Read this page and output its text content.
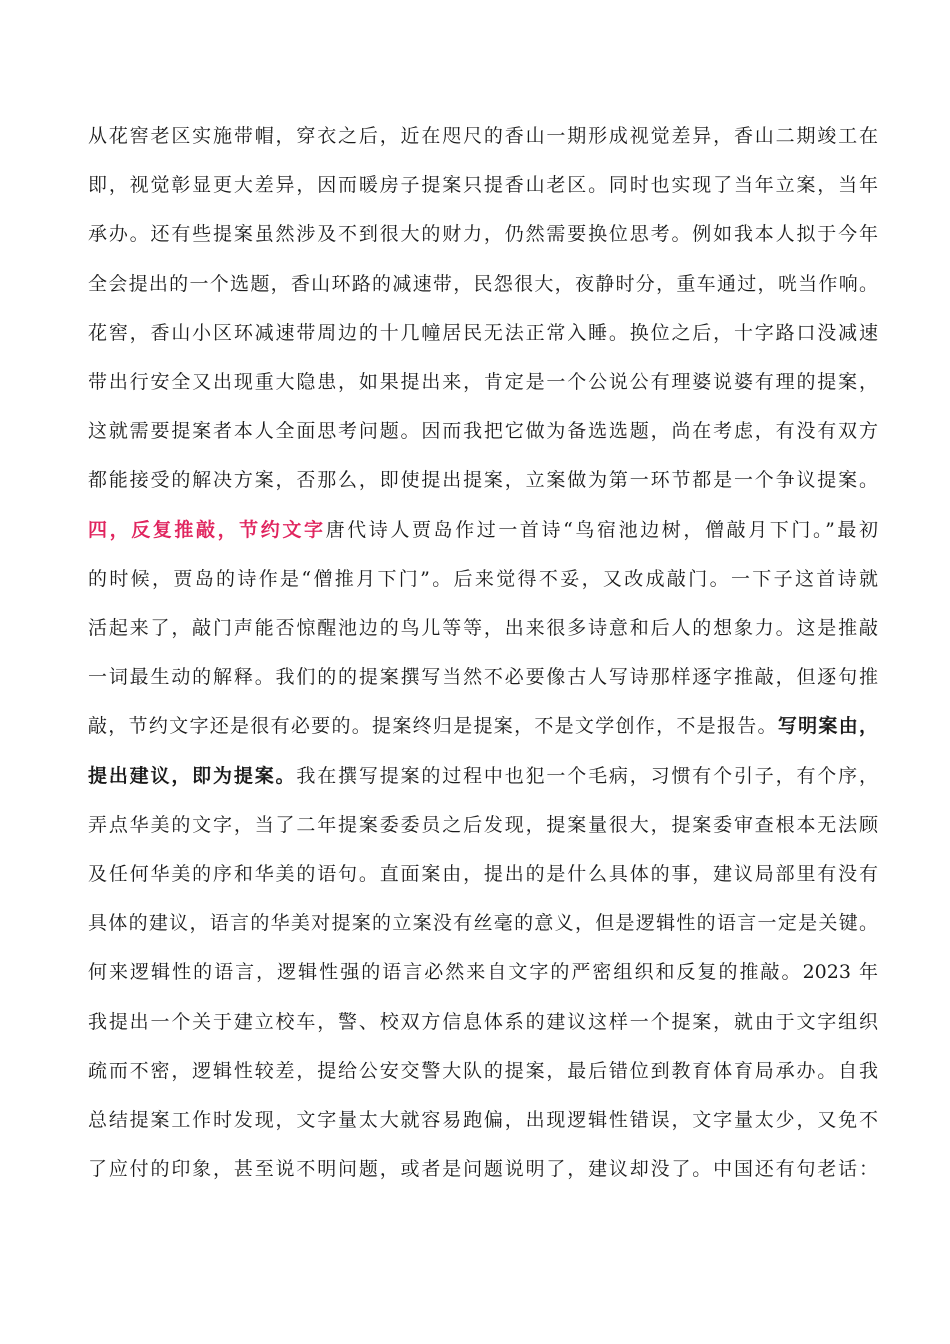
从花窖老区实施带帽，穿衣之后，近在咫尺的香山一期形成视觉差异，香山二期竣工在
即，视觉彰显更大差异，因而暖房子提案只提香山老区。同时也实现了当年立案，当年
承办。还有些提案虽然涉及不到很大的财力，仍然需要换位思考。例如我本人拟于今年
全会提出的一个选题，香山环路的减速带，民怨很大，夜静时分，重车通过，咣当作响。
花窖，香山小区环减速带周边的十几幢居民无法正常入睡。换位之后，十字路口没减速
带出行安全又出现重大隐患，如果提出来，肯定是一个公说公有理婆说婆有理的提案，
这就需要提案者本人全面思考问题。因而我把它做为备选选题，尚在考虑，有没有双方
都能接受的解决方案，否那么，即使提出提案，立案做为第一环节都是一个争议提案。
四，反复推敲，节约文字唐代诗人贾岛作过一首诗“鸟宿池边树，僧敲月下门。”最初
的时候，贾岛的诗作是“僧推月下门”。后来觉得不妥，又改成敲门。一下子这首诗就
活起来了，敲门声能否惊醒池边的鸟儿等等，出来很多诗意和后人的想象力。这是推敲
一词最生动的解释。我们的的提案撰写当然不必要像古人写诗那样逐字推敲，但逐句推
敲，节约文字还是很有必要的。提案终归是提案，不是文学创作，不是报告。写明案由，
提出建议，即为提案。我在撰写提案的过程中也犯一个毛病，习惯有个引子，有个序，
弄点华美的文字，当了二年提案委委员之后发现，提案量很大，提案委审查根本无法顾
及任何华美的序和华美的语句。直面案由，提出的是什么具体的事，建议局部里有没有
具体的建议，语言的华美对提案的立案没有丝毫的意义，但是逻辑性的语言一定是关键。
何来逻辑性的语言，逻辑性强的语言必然来自文字的严密组织和反复的推敲。2023 年
我提出一个关于建立校车，警、校双方信息体系的建议这样一个提案，就由于文字组织
疏而不密，逻辑性较差，提给公安交警大队的提案，最后错位到教育体育局承办。自我
总结提案工作时发现，文字量太大就容易跑偏，出现逻辑性错误，文字量太少，又免不
了应付的印象，甚至说不明问题，或者是问题说明了，建议却没了。中国还有句老话：
